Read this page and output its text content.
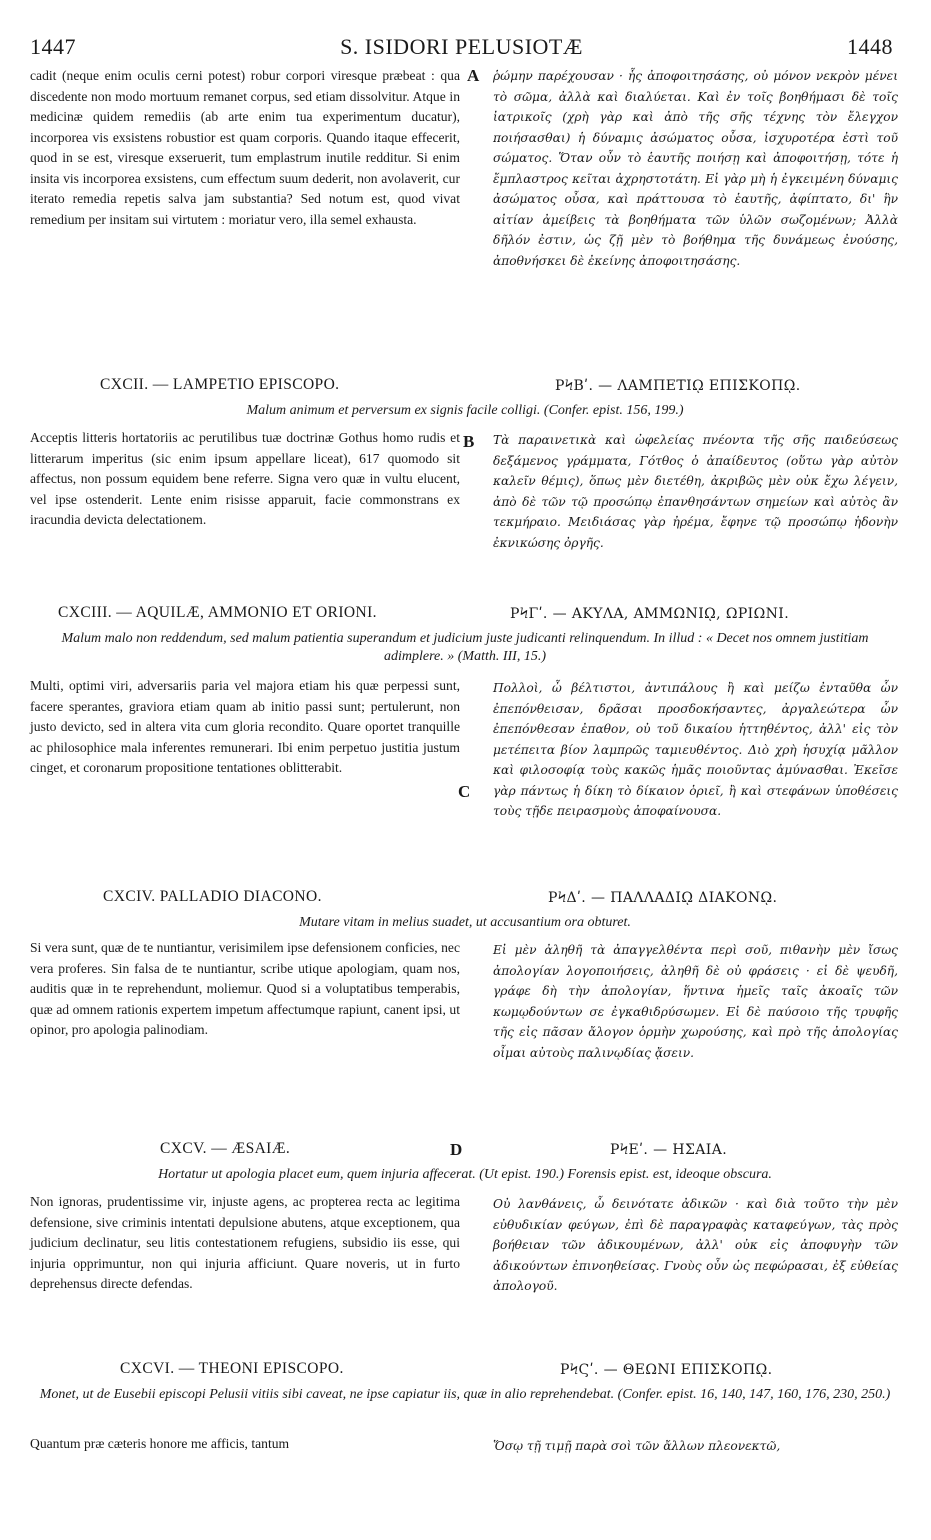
1447	S. ISIDORI PELUSIOTÆ	1448

cadit (neque enim oculis cerni potest) robur corpori viresque præbeat : qua discedente non modo mortuum remanet corpus, sed etiam dissolvitur. Atque in medicinæ quidem remediis (ab arte enim tua experimentum ducatur), incorporea vis exsistens robustior est quam corporis. Quando itaque effecerit, quod in se est, viresque exseruerit, tum emplastrum inutile redditur. Si enim insita vis incorporea exsistens, cum effectum suum dederit, non avolaverit, cur iterato remedia repetis salva jam substantia? Sed notum est, quod vivat remedium per insitam sui virtutem : moriatur vero, illa semel exhausta.

ῥώμην παρέχουσαν · ἧς ἀποφοιτησάσης, οὐ μόνον νεκρὸν μένει τὸ σῶμα, ἀλλὰ καὶ διαλύεται. Καὶ ἐν τοῖς βοηθήμασι δὲ τοῖς ἰατρικοῖς (χρὴ γὰρ καὶ ἀπὸ τῆς σῆς τέχνης τὸν ἔλεγχον ποιήσασθαι) ἡ δύναμις ἀσώματος οὖσα, ἰσχυροτέρα ἐστὶ τοῦ σώματος. Ὅταν οὖν τὸ ἑαυτῆς ποιήσῃ καὶ ἀποφοιτήσῃ, τότε ἡ ἔμπλαστρος κεῖται ἀχρηστοτάτη. Εἰ γὰρ μὴ ἡ ἐγκειμένη δύναμις ἀσώματος οὖσα, καὶ πράττουσα τὸ ἑαυτῆς, ἀφίπτατο, δι' ἣν αἰτίαν ἀμείβεις τὰ βοηθήματα τῶν ὑλῶν σωζομένων; Ἀλλὰ δῆλόν ἐστιν, ὡς ζῇ μὲν τὸ βοήθημα τῆς δυνάμεως ἐνούσης, ἀποθνήσκει δὲ ἐκείνης ἀποφοιτησάσης.

A
CXCII. — LAMPETIO EPISCOPO.	ΡϞΒʹ. — ΛΑΜΠΕΤΙῼ ΕΠΙΣΚΟΠῼ.
Malum animum et perversum ex signis facile colligi. (Confer. epist. 156, 199.)

Acceptis litteris hortatoriis ac perutilibus tuæ doctrinæ Gothus homo rudis et litterarum imperitus (sic enim ipsum appellare liceat), 617 quomodo sit affectus, non possum equidem bene referre. Signa vero quæ in vultu elucent, vel ipse ostenderit. Lente enim risisse apparuit, facie commonstrans ex iracundia devicta delectationem.

Τὰ παραινετικὰ καὶ ὠφελείας πνέοντα τῆς σῆς παιδεύσεως δεξάμενος γράμματα, Γότθος ὁ ἀπαίδευτος (οὕτω γὰρ αὐτὸν καλεῖν θέμις), ὅπως μὲν διετέθη, ἀκριβῶς μὲν οὐκ ἔχω λέγειν, ἀπὸ δὲ τῶν τῷ προσώπῳ ἐπανθησάντων σημείων καὶ αὐτὸς ἂν τεκμήραιο. Μειδιάσας γὰρ ἠρέμα, ἔφηνε τῷ προσώπῳ ἡδονὴν ἐκνικώσης ὀργῆς.

B
CXCIII. — AQUILÆ, AMMONIO ET ORIONI.	ΡϞΓʹ. — ΑΚΥΛΑ, ΑΜΜΩΝΙῼ, ΩΡΙΩΝΙ.
Malum malo non reddendum, sed malum patientia superandum et judicium juste judicanti relinquendum. In illud : « Decet nos omnem justitiam adimplere. » (Matth. III, 15.)

Multi, optimi viri, adversariis paria vel majora etiam his quæ perpessi sunt, facere sperantes, graviora etiam quam ab initio passi sunt; pertulerunt, non justo devicto, sed in altera vita cum gloria recondito. Quare oportet tranquille ac philosophice mala inferentes remunerari. Ibi enim perpetuo justitia justum cinget, et coronarum propositione tentationes oblitterabit.

Πολλοὶ, ὦ βέλτιστοι, ἀντιπάλους ἢ καὶ μείζω ἐνταῦθα ὧν ἐπεπόνθεισαν, δρᾶσαι προσδοκήσαντες, ἀργαλεώτερα ὧν ἐπεπόνθεσαν ἐπαθον, οὐ τοῦ δικαίου ἡττηθέντος, ἀλλ' εἰς τὸν μετέπειτα βίον λαμπρῶς ταμιευθέντος. Διὸ χρὴ ἡσυχίᾳ μᾶλλον καὶ φιλοσοφίᾳ τοὺς κακῶς ἡμᾶς ποιοῦντας ἀμύνασθαι. Ἐκεῖσε γὰρ πάντως ἡ δίκη τὸ δίκαιον ὁριεῖ, ἢ καὶ στεφάνων ὑποθέσεις τοὺς τῇδε πειρασμοὺς ἀποφαίνουσα.

C
CXCIV. PALLADIO DIACONO.	ΡϞΔʹ. — ΠΑΛΛΑΔΙῼ ΔΙΑΚΟΝῼ.
Mutare vitam in melius suadet, ut accusantium ora obturet.

Si vera sunt, quæ de te nuntiantur, verisimilem ipse defensionem conficies, nec vera proferes. Sin falsa de te nuntiantur, scribe utique apologiam, quam nos, auditis quæ in te reprehendunt, moliemur. Quod si a voluptatibus temperabis, quæ ad omnem rationis expertem impetum affectumque rapiunt, canent ipsi, ut opinor, pro apologia palinodiam.

Εἰ μὲν ἀληθῆ τὰ ἀπαγγελθέντα περὶ σοῦ, πιθανὴν μὲν ἴσως ἀπολογίαν λογοποιήσεις, ἀληθῆ δὲ οὐ φράσεις · εἰ δὲ ψευδῆ, γράφε δὴ τὴν ἀπολογίαν, ἥντινα ἡμεῖς ταῖς ἀκοαῖς τῶν κωμῳδούντων σε ἐγκαθιδρύσωμεν. Εἰ δὲ παύσοιο τῆς τρυφῆς τῆς εἰς πᾶσαν ἄλογον ὁρμὴν χωρούσης, καὶ πρὸ τῆς ἀπολογίας οἶμαι αὐτοὺς παλινῳδίας ᾄσειν.

CXCV. — ÆSAIÆ.	D	ΡϞΕʹ. — ΗΣΑΙΑ.
Hortatur ut apologia placet eum, quem injuria affecerat. (Ut epist. 190.) Forensis epist. est, ideoque obscura.

Non ignoras, prudentissime vir, injuste agens, ac propterea recta ac legitima defensione, sive criminis intentati depulsione abutens, atque exceptionem, qua judicium declinatur, seu litis contestationem refugiens, subsidio iis esse, qui injuria opprimuntur, non qui injuria afficiunt. Quare noveris, ut in furto deprehensus directe defendas.

Οὐ λανθάνεις, ὦ δεινότατε ἀδικῶν · καὶ διὰ τοῦτο τὴν μὲν εὐθυδικίαν φεύγων, ἐπὶ δὲ παραγραφὰς καταφεύγων, τὰς πρὸς βοήθειαν τῶν ἀδικουμένων, ἀλλ' οὐκ εἰς ἀποφυγὴν τῶν ἀδικούντων ἐπινοηθείσας. Γνοὺς οὖν ὡς πεφώρασαι, ἐξ εὐθείας ἀπολογοῦ.

CXCVI. — THEONI EPISCOPO.	ΡϞϚʹ. — ΘΕΩΝΙ ΕΠΙΣΚΟΠῼ.
Monet, ut de Eusebii episcopi Pelusii vitiis sibi caveat, ne ipse capiatur iis, quæ in alio reprehendebat. (Confer. epist. 16, 140, 147, 160, 176, 230, 250.)

Quantum præ cæteris honore me afficis, tantum	Ὅσῳ τῇ τιμῇ παρὰ σοὶ τῶν ἄλλων πλεονεκτῶ,
